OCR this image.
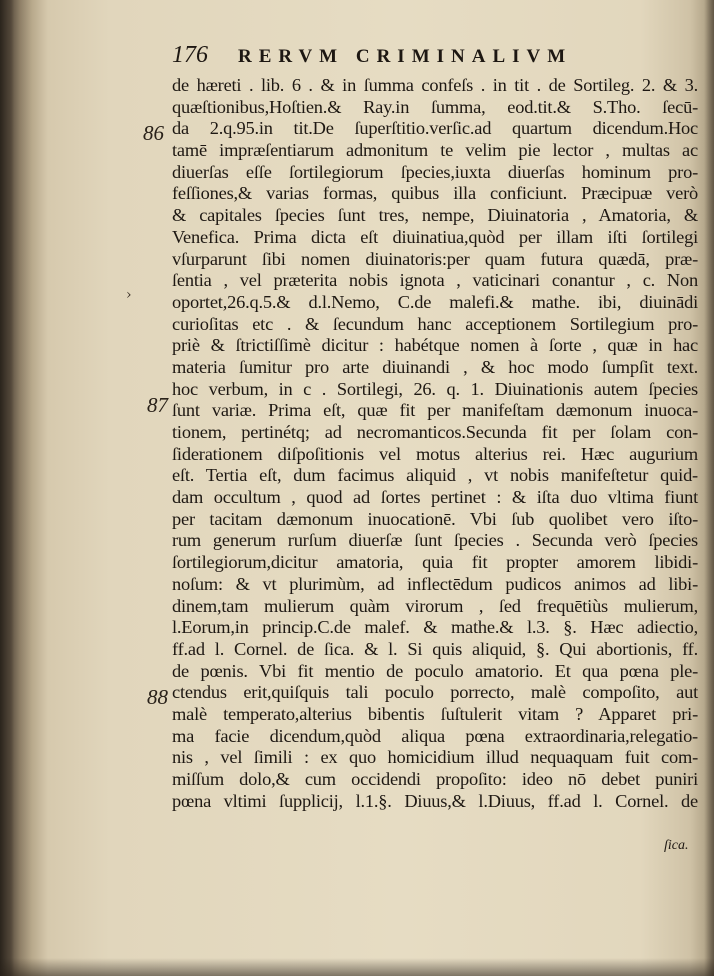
176 RERVM CRIMINALIVM
86
87
88
›
de hæreti . lib. 6 . & in ſumma confeſs . in tit . de Sortileg. 2. & 3.
quæſtionibus,Hoſtien.& Ray.in ſumma, eod.tit.& S.Tho. ſecū-
da 2.q.95.in tit.De ſuperſtitio.verſic.ad quartum dicendum.Hoc
tamē impræſentiarum admonitum te velim pie lector , multas ac
diuerſas eſſe ſortilegiorum ſpecies,iuxta diuerſas hominum pro-
feſſiones,& varias formas, quibus illa conficiunt. Præcipuæ verò
& capitales ſpecies ſunt tres, nempe, Diuinatoria , Amatoria, &
Venefica. Prima dicta eſt diuinatiua,quòd per illam iſti ſortilegi
vſurparunt ſibi nomen diuinatoris:per quam futura quædā, præ-
ſentia , vel præterita nobis ignota , vaticinari conantur , c. Non
oportet,26.q.5.& d.l.Nemo, C.de malefi.& mathe. ibi, diuinādi
curioſitas etc . & ſecundum hanc acceptionem Sortilegium pro-
priè & ſtrictiſſimè dicitur : habétque nomen à ſorte , quæ in hac
materia ſumitur pro arte diuinandi , & hoc modo ſumpſit text.
hoc verbum, in c . Sortilegi, 26. q. 1. Diuinationis autem ſpecies
ſunt variæ. Prima eſt, quæ fit per manifeſtam dæmonum inuoca-
tionem, pertinétq; ad necromanticos.Secunda fit per ſolam con-
ſiderationem diſpoſitionis vel motus alterius rei. Hæc augurium
eſt. Tertia eſt, dum facimus aliquid , vt nobis manifeſtetur quid-
dam occultum , quod ad ſortes pertinet : & iſta duo vltima fiunt
per tacitam dæmonum inuocationē. Vbi ſub quolibet vero iſto-
rum generum rurſum diuerſæ ſunt ſpecies . Secunda verò ſpecies
ſortilegiorum,dicitur amatoria, quia fit propter amorem libidi-
noſum: & vt plurimùm, ad inflectēdum pudicos animos ad libi-
dinem,tam mulierum quàm virorum , ſed frequētiùs mulierum,
l.Eorum,in princip.C.de malef. & mathe.& l.3. §. Hæc adiectio,
ff.ad l. Cornel. de ſica. & l. Si quis aliquid, §. Qui abortionis, ff.
de pœnis. Vbi fit mentio de poculo amatorio. Et qua pœna ple-
ctendus erit,quiſquis tali poculo porrecto, malè compoſito, aut
malè temperato,alterius bibentis ſuſtulerit vitam ? Apparet pri-
ma facie dicendum,quòd aliqua pœna extraordinaria,relegatio-
nis , vel ſimili : ex quo homicidium illud nequaquam fuit com-
miſſum dolo,& cum occidendi propoſito: ideo nō debet puniri
pœna vltimi ſupplicij, l.1.§. Diuus,& l.Diuus, ff.ad l. Cornel. de
ſica.
